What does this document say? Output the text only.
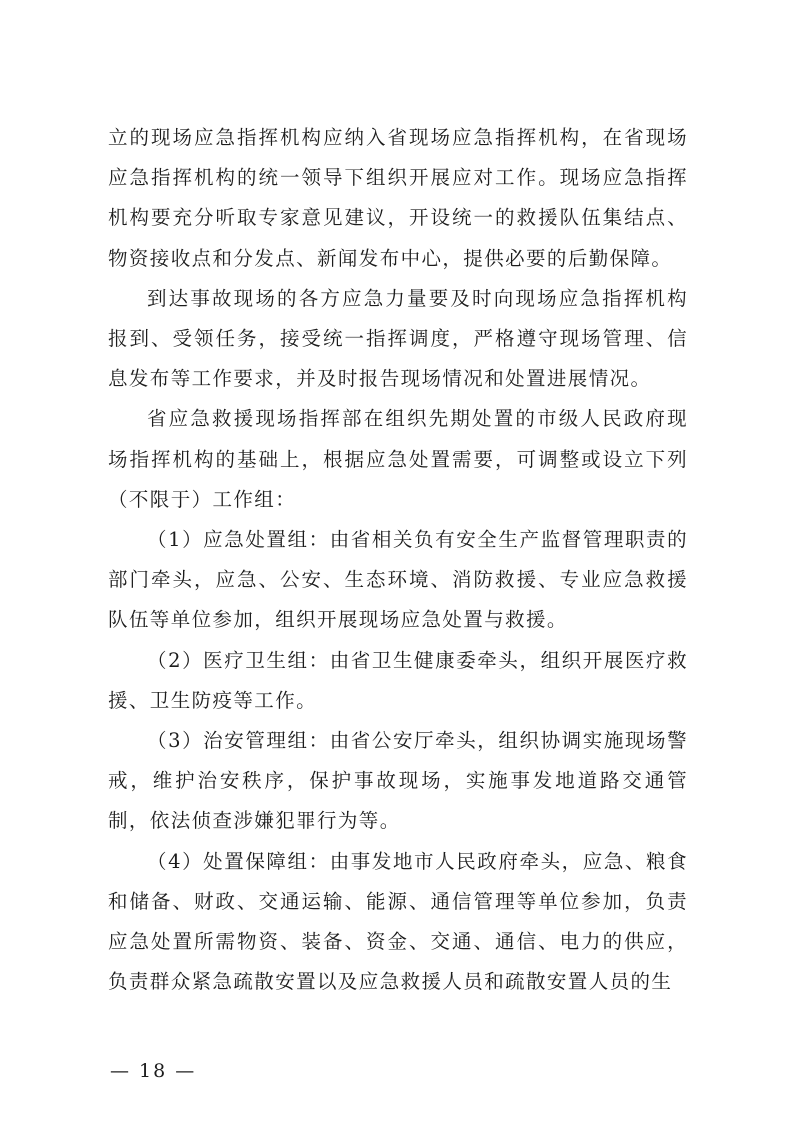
立的现场应急指挥机构应纳入省现场应急指挥机构，在省现场应急指挥机构的统一领导下组织开展应对工作。现场应急指挥机构要充分听取专家意见建议，开设统一的救援队伍集结点、物资接收点和分发点、新闻发布中心，提供必要的后勤保障。

到达事故现场的各方应急力量要及时向现场应急指挥机构报到、受领任务，接受统一指挥调度，严格遵守现场管理、信息发布等工作要求，并及时报告现场情况和处置进展情况。

省应急救援现场指挥部在组织先期处置的市级人民政府现场指挥机构的基础上，根据应急处置需要，可调整或设立下列（不限于）工作组：

（1）应急处置组：由省相关负有安全生产监督管理职责的部门牵头，应急、公安、生态环境、消防救援、专业应急救援队伍等单位参加，组织开展现场应急处置与救援。

（2）医疗卫生组：由省卫生健康委牵头，组织开展医疗救援、卫生防疫等工作。

（3）治安管理组：由省公安厅牵头，组织协调实施现场警戒，维护治安秩序，保护事故现场，实施事发地道路交通管制，依法侦查涉嫌犯罪行为等。

（4）处置保障组：由事发地市人民政府牵头，应急、粮食和储备、财政、交通运输、能源、通信管理等单位参加，负责应急处置所需物资、装备、资金、交通、通信、电力的供应，负责群众紧急疏散安置以及应急救援人员和疏散安置人员的生

— 18 —
